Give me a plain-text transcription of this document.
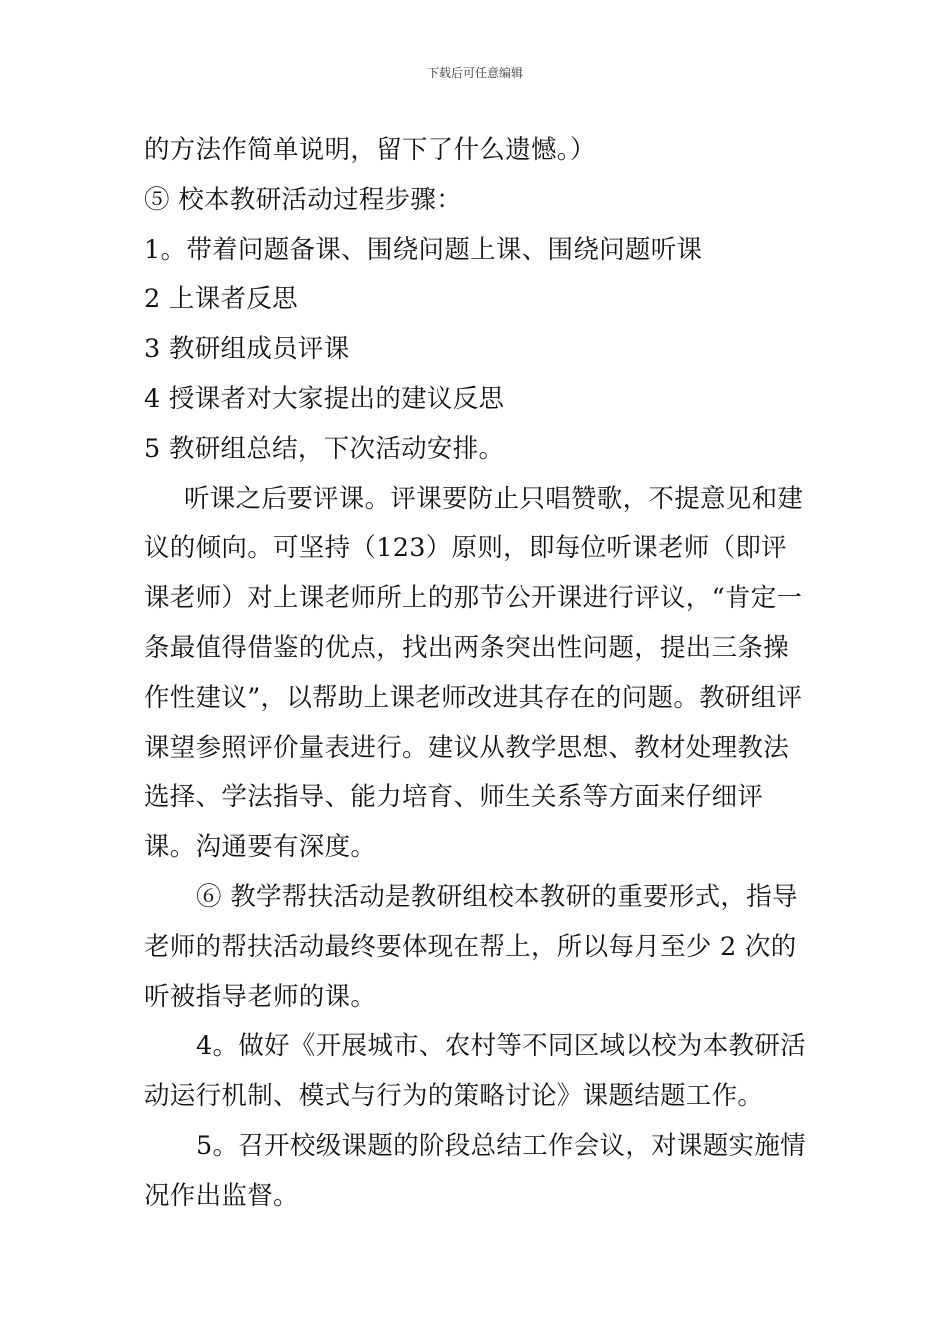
下载后可任意编辑

的方法作简单说明，留下了什么遗憾。）

⑤ 校本教研活动过程步骤：

1。带着问题备课、围绕问题上课、围绕问题听课

2 上课者反思

3 教研组成员评课

4 授课者对大家提出的建议反思

5 教研组总结，下次活动安排。

听课之后要评课。评课要防止只唱赞歌，不提意见和建议的倾向。可坚持（123）原则，即每位听课老师（即评课老师）对上课老师所上的那节公开课进行评议，“肯定一条最值得借鉴的优点，找出两条突出性问题，提出三条操作性建议”，以帮助上课老师改进其存在的问题。教研组评课望参照评价量表进行。建议从教学思想、教材处理教法选择、学法指导、能力培育、师生关系等方面来仔细评课。沟通要有深度。

⑥ 教学帮扶活动是教研组校本教研的重要形式，指导老师的帮扶活动最终要体现在帮上，所以每月至少 2 次的听被指导老师的课。

4。做好《开展城市、农村等不同区域以校为本教研活动运行机制、模式与行为的策略讨论》课题结题工作。

5。召开校级课题的阶段总结工作会议，对课题实施情况作出监督。
